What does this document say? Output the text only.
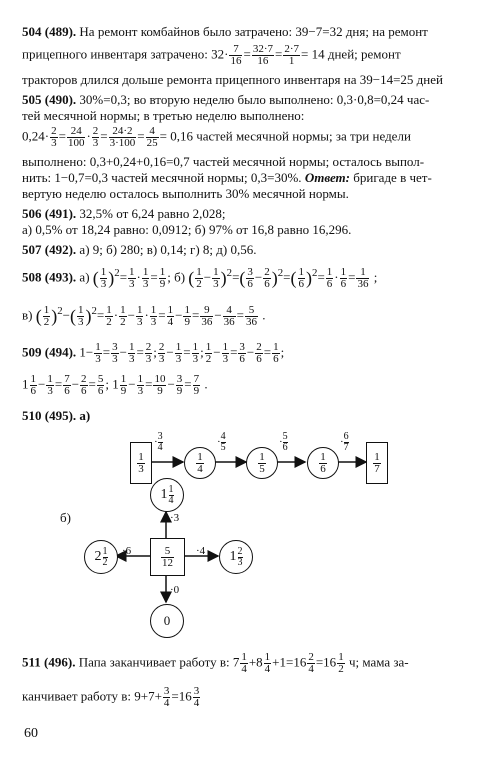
504 (489). На ремонт комбайнов было затрачено: 39−7=32 дня; на ремонт
прицепного инвентаря затрачено: $32\cdot \frac{7}{16} = \frac{32\cdot 7}{16} = \frac{2\cdot 7}{1} = 14$ дней; ремонт
тракторов длился дольше ремонта прицепного инвентаря на 39−14=25 дней
505 (490). 30%=0,3; во вторую неделю было выполнено: 0,3·0,8=0,24 час-
тей месячной нормы; в третью неделю выполнено:
$0,24\cdot \frac{2}{3} = \frac{24}{100} \cdot \frac{2}{3} = \frac{24\cdot 2}{3\cdot 100} = \frac{4}{25} = 0,16$ частей месячной нормы; за три недели
выполнено: 0,3+0,24+0,16=0,7 частей месячной нормы; осталось выпол-
нить: 1−0,7=0,3 частей месячной нормы; 0,3=30%. Ответ: бригаде в чет-
вертую неделю осталось выполнить 30% месячной нормы.
506 (491). 32,5% от 6,24 равно 2,028;
а) 0,5% от 18,24 равно: 0,0912; б) 97% от 16,8 равно 16,296.
507 (492). а) 9; б) 280; в) 0,14; г) 8; д) 0,56.
508 (493). а) ( $\frac{1}{3} )^2= \frac{1}{3} \cdot \frac{1}{3} = \frac{1}{9}$ ; б) ( $\frac{1}{2} - \frac{1}{3} )^2=( \frac{3}{6} - \frac{2}{6} )^2=( \frac{1}{6} )^2= \frac{1}{6} \cdot \frac{1}{6} = \frac{1}{36}$ ;
в) ( $\frac{1}{2} )^2-( \frac{1}{3} )^2= \frac{1}{2} \cdot \frac{1}{2} - \frac{1}{3} \cdot \frac{1}{3} = \frac{1}{4} - \frac{1}{9} = \frac{9}{36} - \frac{4}{36} = \frac{5}{36}$ .
509 (494). $1- \frac{1}{3} = \frac{3}{3} - \frac{1}{3} = \frac{2}{3}$ ; $\frac{2}{3} - \frac{1}{3} = \frac{1}{3}$ ; $\frac{1}{2} - \frac{1}{3} = \frac{3}{6} - \frac{2}{6} = \frac{1}{6}$ ;
$1 \frac{1}{6} - \frac{1}{3} = \frac{7}{6} - \frac{2}{6} = \frac{5}{6}$ ; $1 \frac{1}{9} - \frac{1}{3} = \frac{10}{9} - \frac{3}{9} = \frac{7}{9}$ .
510 (495). а)
1
3
1
4
1
5
1
6
1
7
· $\frac{3}{4}$	· $\frac{4}{5}$	· $\frac{5}{6}$	· $\frac{6}{7}$
б)
5
12
1 1
4
2 1
2	1 2
3
0
·3
·6	·4
·0
511 (496). Папа заканчивает работу в: $7 \frac{1}{4} +8 \frac{1}{4} +1=16 \frac{2}{4} =16 \frac{1}{2} ч$; мама за-
канчивает работу в: $9+7+ \frac{3}{4} =16 \frac{3}{4}$
60
